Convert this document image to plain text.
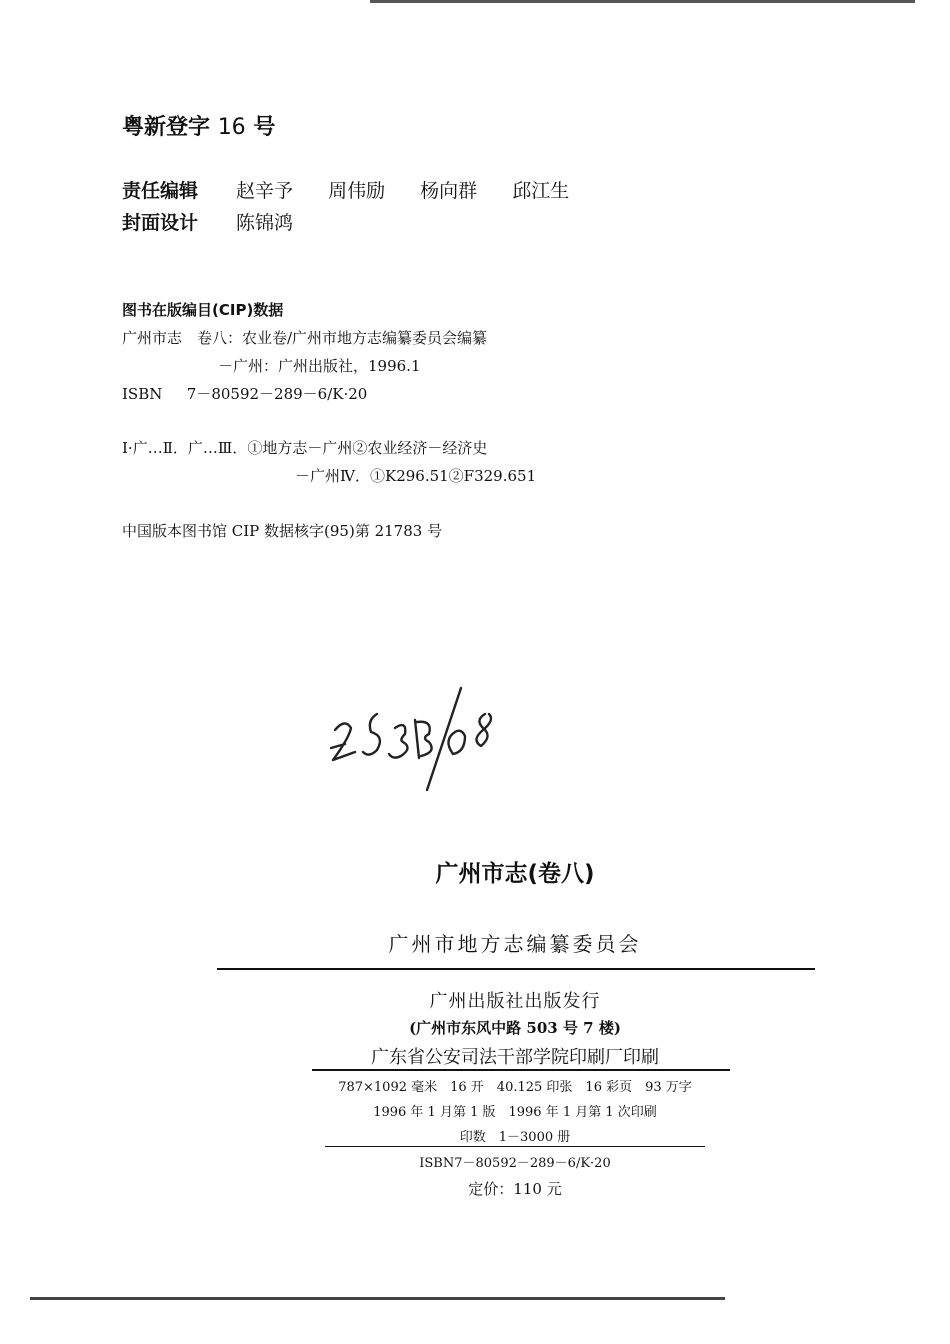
粤新登字 16 号
责任编辑 赵辛予 周伟励 杨向群 邱江生
封面设计 陈锦鸿
图书在版编目(CIP)数据
广州市志　卷八：农业卷/广州市地方志编纂委员会编纂
－广州：广州出版社，1996.1
ISBN 7－80592－289－6/K·20
Ⅰ·广…Ⅱ．广…Ⅲ．①地方志－广州②农业经济－经济史
－广州Ⅳ．①K296.51②F329.651
中国版本图书馆 CIP 数据核字(95)第 21783 号
2-5338/08
广州市志(卷八)
广州市地方志编纂委员会
广州出版社出版发行
(广州市东风中路 503 号 7 楼)
广东省公安司法干部学院印刷厂印刷
787×1092 毫米　16 开　40.125 印张　16 彩页　93 万字
1996 年 1 月第 1 版　1996 年 1 月第 1 次印刷
印数　1－3000 册
ISBN7－80592－289－6/K·20
定价：110 元
